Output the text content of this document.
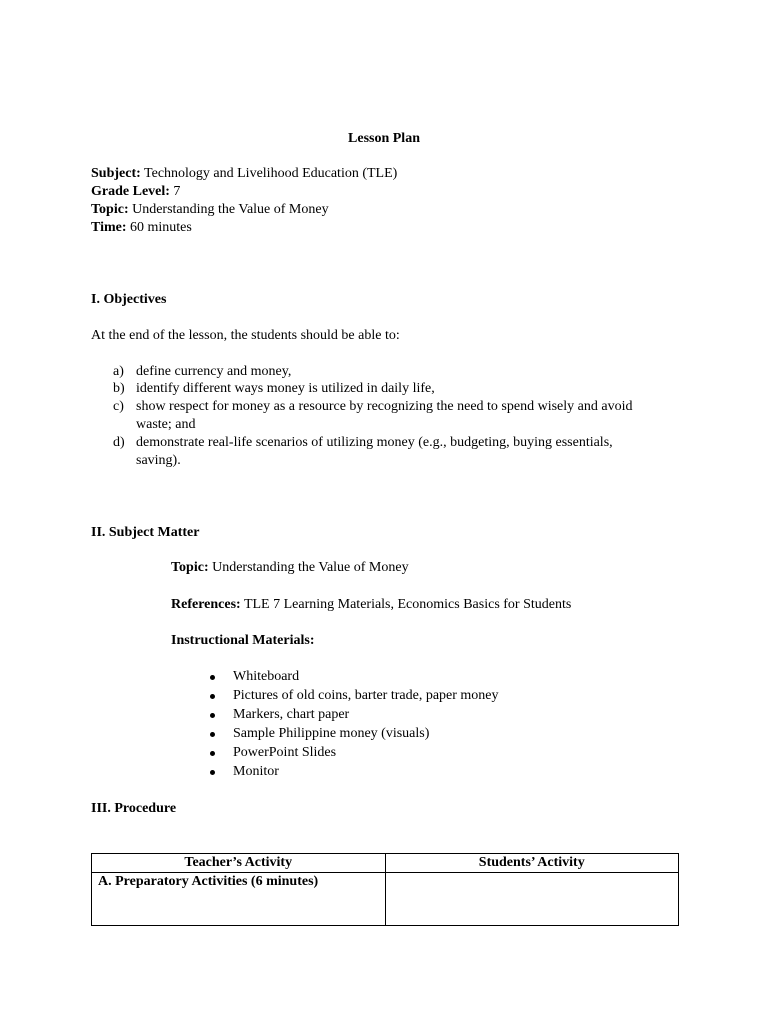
Lesson Plan
Subject: Technology and Livelihood Education (TLE)
Grade Level: 7
Topic: Understanding the Value of Money
Time: 60 minutes
I. Objectives
At the end of the lesson, the students should be able to:
a) define currency and money,
b) identify different ways money is utilized in daily life,
c) show respect for money as a resource by recognizing the need to spend wisely and avoid
waste; and
d) demonstrate real-life scenarios of utilizing money (e.g., budgeting, buying essentials,
saving).
II. Subject Matter
Topic: Understanding the Value of Money
References: TLE 7 Learning Materials, Economics Basics for Students
Instructional Materials:
Whiteboard
Pictures of old coins, barter trade, paper money
Markers, chart paper
Sample Philippine money (visuals)
PowerPoint Slides
Monitor
III. Procedure
Teacher’s Activity	Students’ Activity
A. Preparatory Activities (6 minutes)	
